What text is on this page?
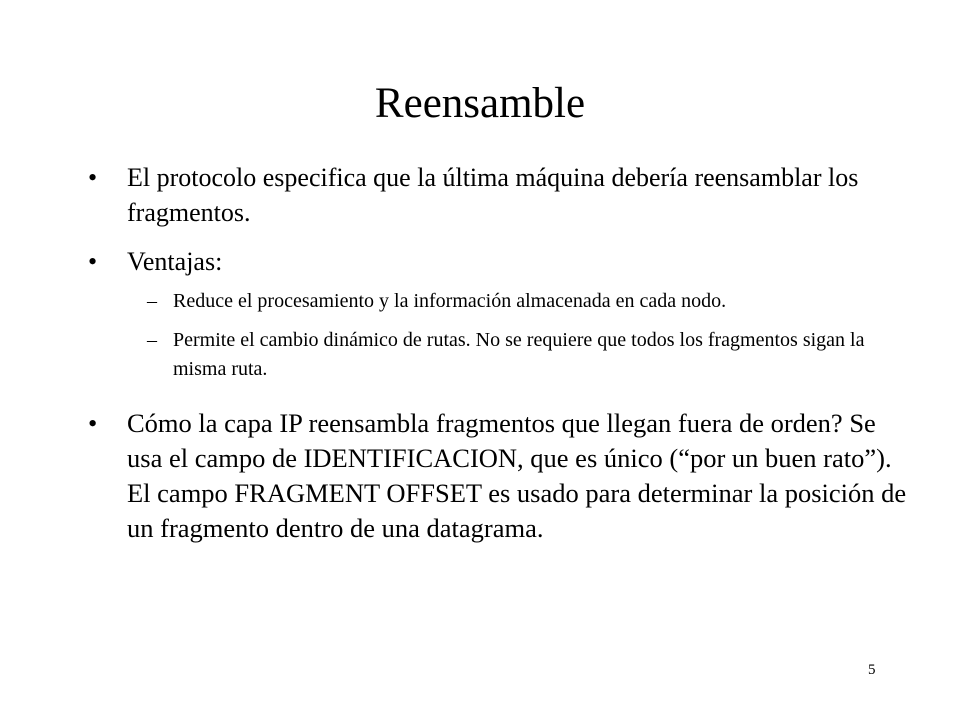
Reensamble
• El protocolo especifica que la última máquina debería reensamblar los fragmentos.
• Ventajas:
– Reduce el procesamiento y la información almacenada en cada nodo.
– Permite el cambio dinámico de rutas. No se requiere que todos los fragmentos sigan la misma ruta.
• Cómo la capa IP reensambla fragmentos que llegan fuera de orden? Se usa el campo de IDENTIFICACION, que es único (“por un buen rato”). El campo FRAGMENT OFFSET es usado para determinar la posición de un fragmento dentro de una datagrama.
5
